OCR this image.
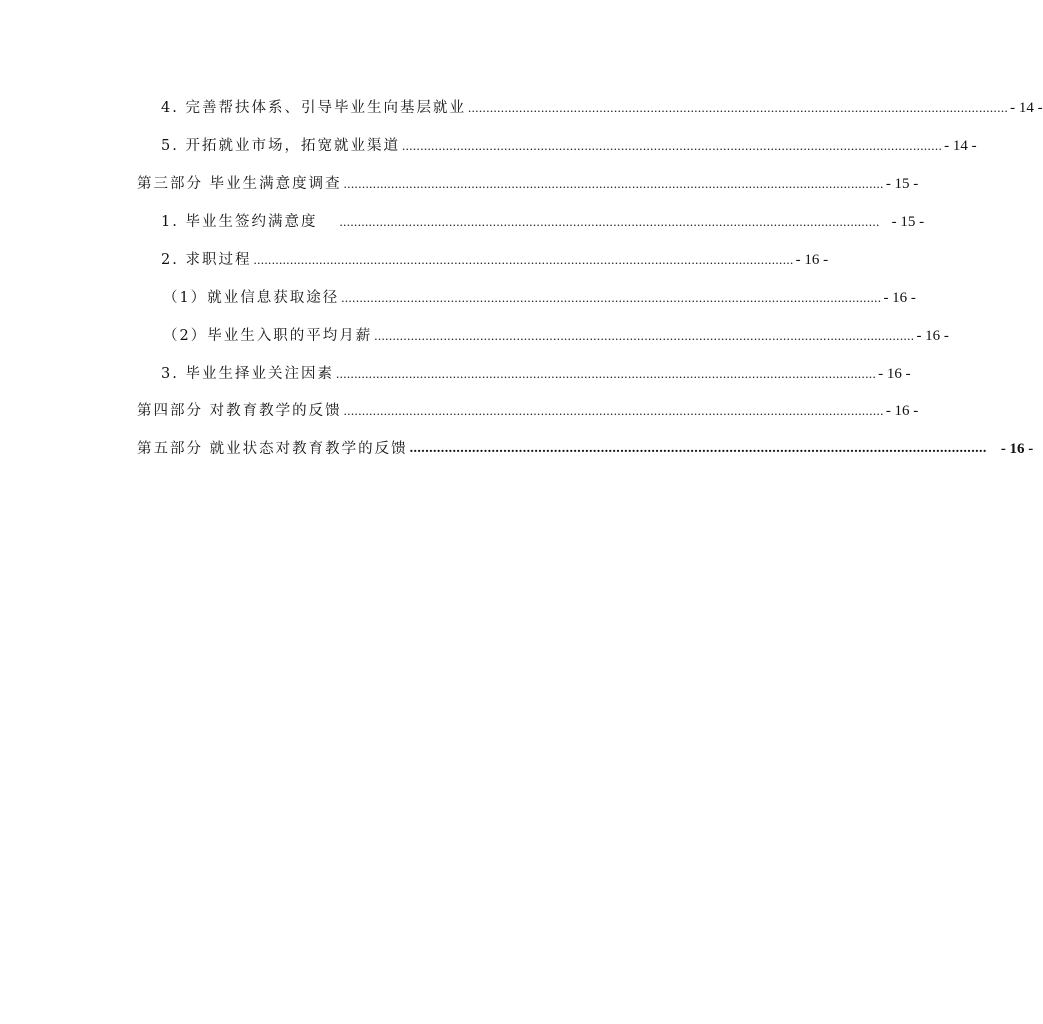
4. 完善帮扶体系、引导毕业生向基层就业 .................................................................................................................................................... - 14 -
5. 开拓就业市场，拓宽就业渠道 .................................................................................................................................................... - 14 -
第三部分 毕业生满意度调查 .................................................................................................................................................... - 15 -
1. 毕业生签约满意度 .................................................................................................................................................... - 15 -
2. 求职过程 .................................................................................................................................................... - 16 -
（1）就业信息获取途径 .................................................................................................................................................... - 16 -
（2）毕业生入职的平均月薪 .................................................................................................................................................... - 16 -
3. 毕业生择业关注因素 .................................................................................................................................................... - 16 -
第四部分 对教育教学的反馈 .................................................................................................................................................... - 16 -
第五部分 就业状态对教育教学的反馈 .................................................................................................................................................... - 16 -
